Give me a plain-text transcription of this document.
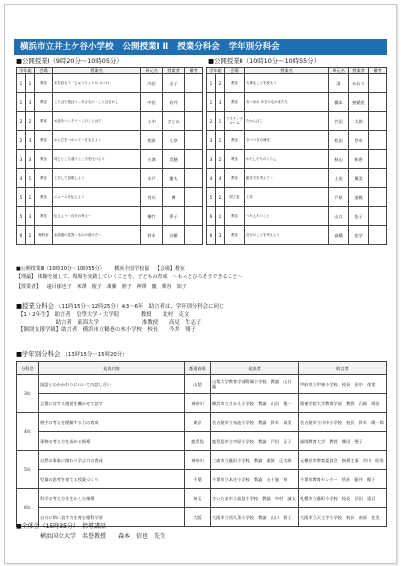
横浜市立井土ケ谷小学校 公開授業Ⅰ Ⅱ 授業分科会 学年別分科会
■公開授業Ⅰ（9時20分～10時05分）	■公開授業Ⅱ（10時10分～10時55分）
学年組		会場	授業名	単元名	授業者	備考
1	1	教室	本を読もう「じゅうりょうの みつけ」	内田	圭子	
1	3	教室	ことばで遊ぼう…あるもの・ことばさがし	中田	岩井	
2	2	教室	お話をつくろう～このことばで	小中	さとみ	
2	3	教室	からだをつかって～きもちよく	相原	七奈	
3	3	教室	同じところ違うところを比べよう	小澤	美穂	
4	1	教室	工夫して説明しよう	木戸	慶太	
5	1	教室	ニュースを伝えよう	舟川	博	
5	3	教室	伝えよう～自分の考え～	横竹	夢子	
6	2	理科室	水溶液の性質～ものの溶け方～	鈴木	沙羅	
学年組		会場	授業名	単元名	授業者	備考
1	2	教室	大事なことを読もう	清	かおり	
1	3	教室	あつまれ あきのなかまたち	橋本	綾稲里	
2	1	アクティブ ルーム	たからばこ	竹田	大助	
3	1	教室	きつつきの商売	松田	世卓	
3	2	教室	わたしたちのくらし	秋山	和香	
4	4	教室	動き方を考えて～	土田	薫美	
5	2	図工室	工作	戸原	遥桃	
6	1	教室	つたえたいこと	山口	佳子	
6	3	教室	自分のことを考えよう	髙橋	佳学	
■公開授業Ⅲ（10時10分～10時55分） 横浜全国学校協 【会場】教室
【理論】 体験を通して、現場を実践していくことを、子どもの育成　～もっとひろそうできること～
【授業者】 遠目郁也子　米澤　俊子　斎藤　朋子　神澤　慶　栗谷　知子
■授業分科会 （11時15分～12時25分）※3～6年　助言者は、学年別分科会に同じ
【1・2年生】　助言者　皇學大学・大学院　　　　教授　　北村　克文
　　　　　　　助言者　東海大学　　　　　　　　准教授　　高見　生志子
【個別支援学級】助言者　横浜市立鶴巻の木小学校　校長　　今井　翔子
■学年別分科会 （13時15分～15時20分）
分科会	発表内容	都道府県	発表者	助言者
3年	国語とのかかわりについての話し合い	山梨	山梨大学教育学部附属小学校　教諭　山口　聡	甲府市立甲東小学校　校長　田中　茂実
	言葉に対する感覚を働かせて話す	神奈川	横浜市立さかえ小学校　教諭　山田　俊一	関東学院大学教育学部　教授　石崎　周治
4年	相手の考えを理解する力の育成	東京	名古屋市立布池小学校　教諭　鈴木　真美	名古屋市立川中小学校　校長　鈴木　陽一郎
	事物の考え方を深める指導	鹿児島	鹿児島市立中原小学校　教諭　戸田　正子	福岡教育大学　教授　柳田　聖子
5年	自然の事象に関わり学ぶ力の育成	神奈川	三浦市立藤沢小学校　教諭　栗賀　正太郎	元横浜市教育委員会　指導主事　市川　昭男
	児童の思考を育てる授業づくり	千葉	千葉市立本庄小学校　教諭　五十嵐　草	千葉市教育センター　所長　藤井　陽子
6年	科学の考え方を生かした指導	埼玉	さいたま市立高島小学校　教諭　中村　誠太	札幌市立藤町小学校　校長　沢田　重吾
	自分に問い直す力を育む理科学習	大阪	大阪市立西九条小学校　教諭　山口　智子	大阪市立天王寺小学校　校長　南原　住美
■全体会（15時35分）　指導講話
横浜国立大学　名誉教授　　森本　信也　先生
